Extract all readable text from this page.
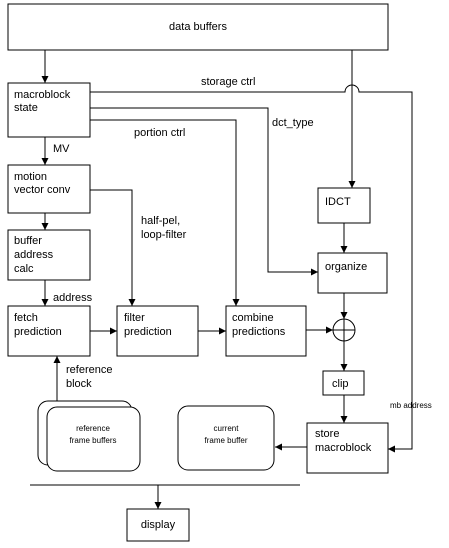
data buffers
macroblock
state
motion
vector conv
buffer
address
calc
fetch
prediction
filter
prediction
combine
predictions
IDCT
organize
clip
store
macroblock
reference
frame buffers
current
frame buffer
display
storage ctrl
dct_type
portion ctrl
MV
half-pel,
loop-filter
address
reference
block
mb address
